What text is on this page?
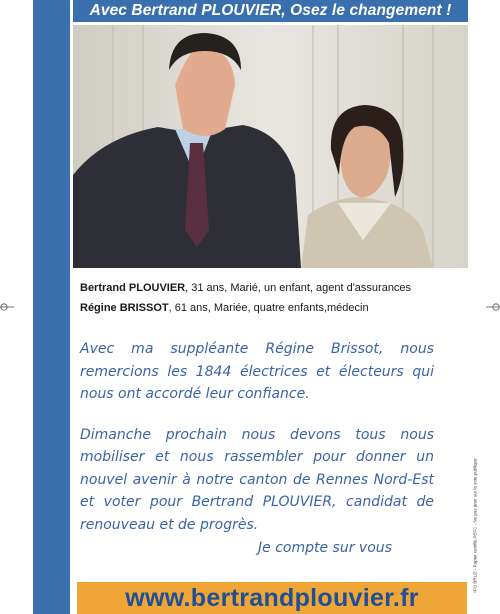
Avec Bertrand PLOUVIER, Osez le changement !
Bertrand PLOUVIER, 31 ans, Marié, un enfant, agent d'assurances
Régine BRISSOT, 61 ans, Mariée, quatre enfants,médecin

Avec ma suppléante Régine Brissot, nous remercions les 1844 électrices et électeurs qui nous ont accordé leur confiance.

Dimanche prochain nous devons tous nous mobiliser et nous rassembler pour donner un nouvel avenir à notre canton de Rennes Nord-Est et voter pour Bertrand PLOUVIER, candidat de renouveau et de progrès.

Je compte sur vous
www.bertrandplouvier.fr
IPO BRUZ - Papier certifié PEFC - Ne pas jeter sur la voie publique
